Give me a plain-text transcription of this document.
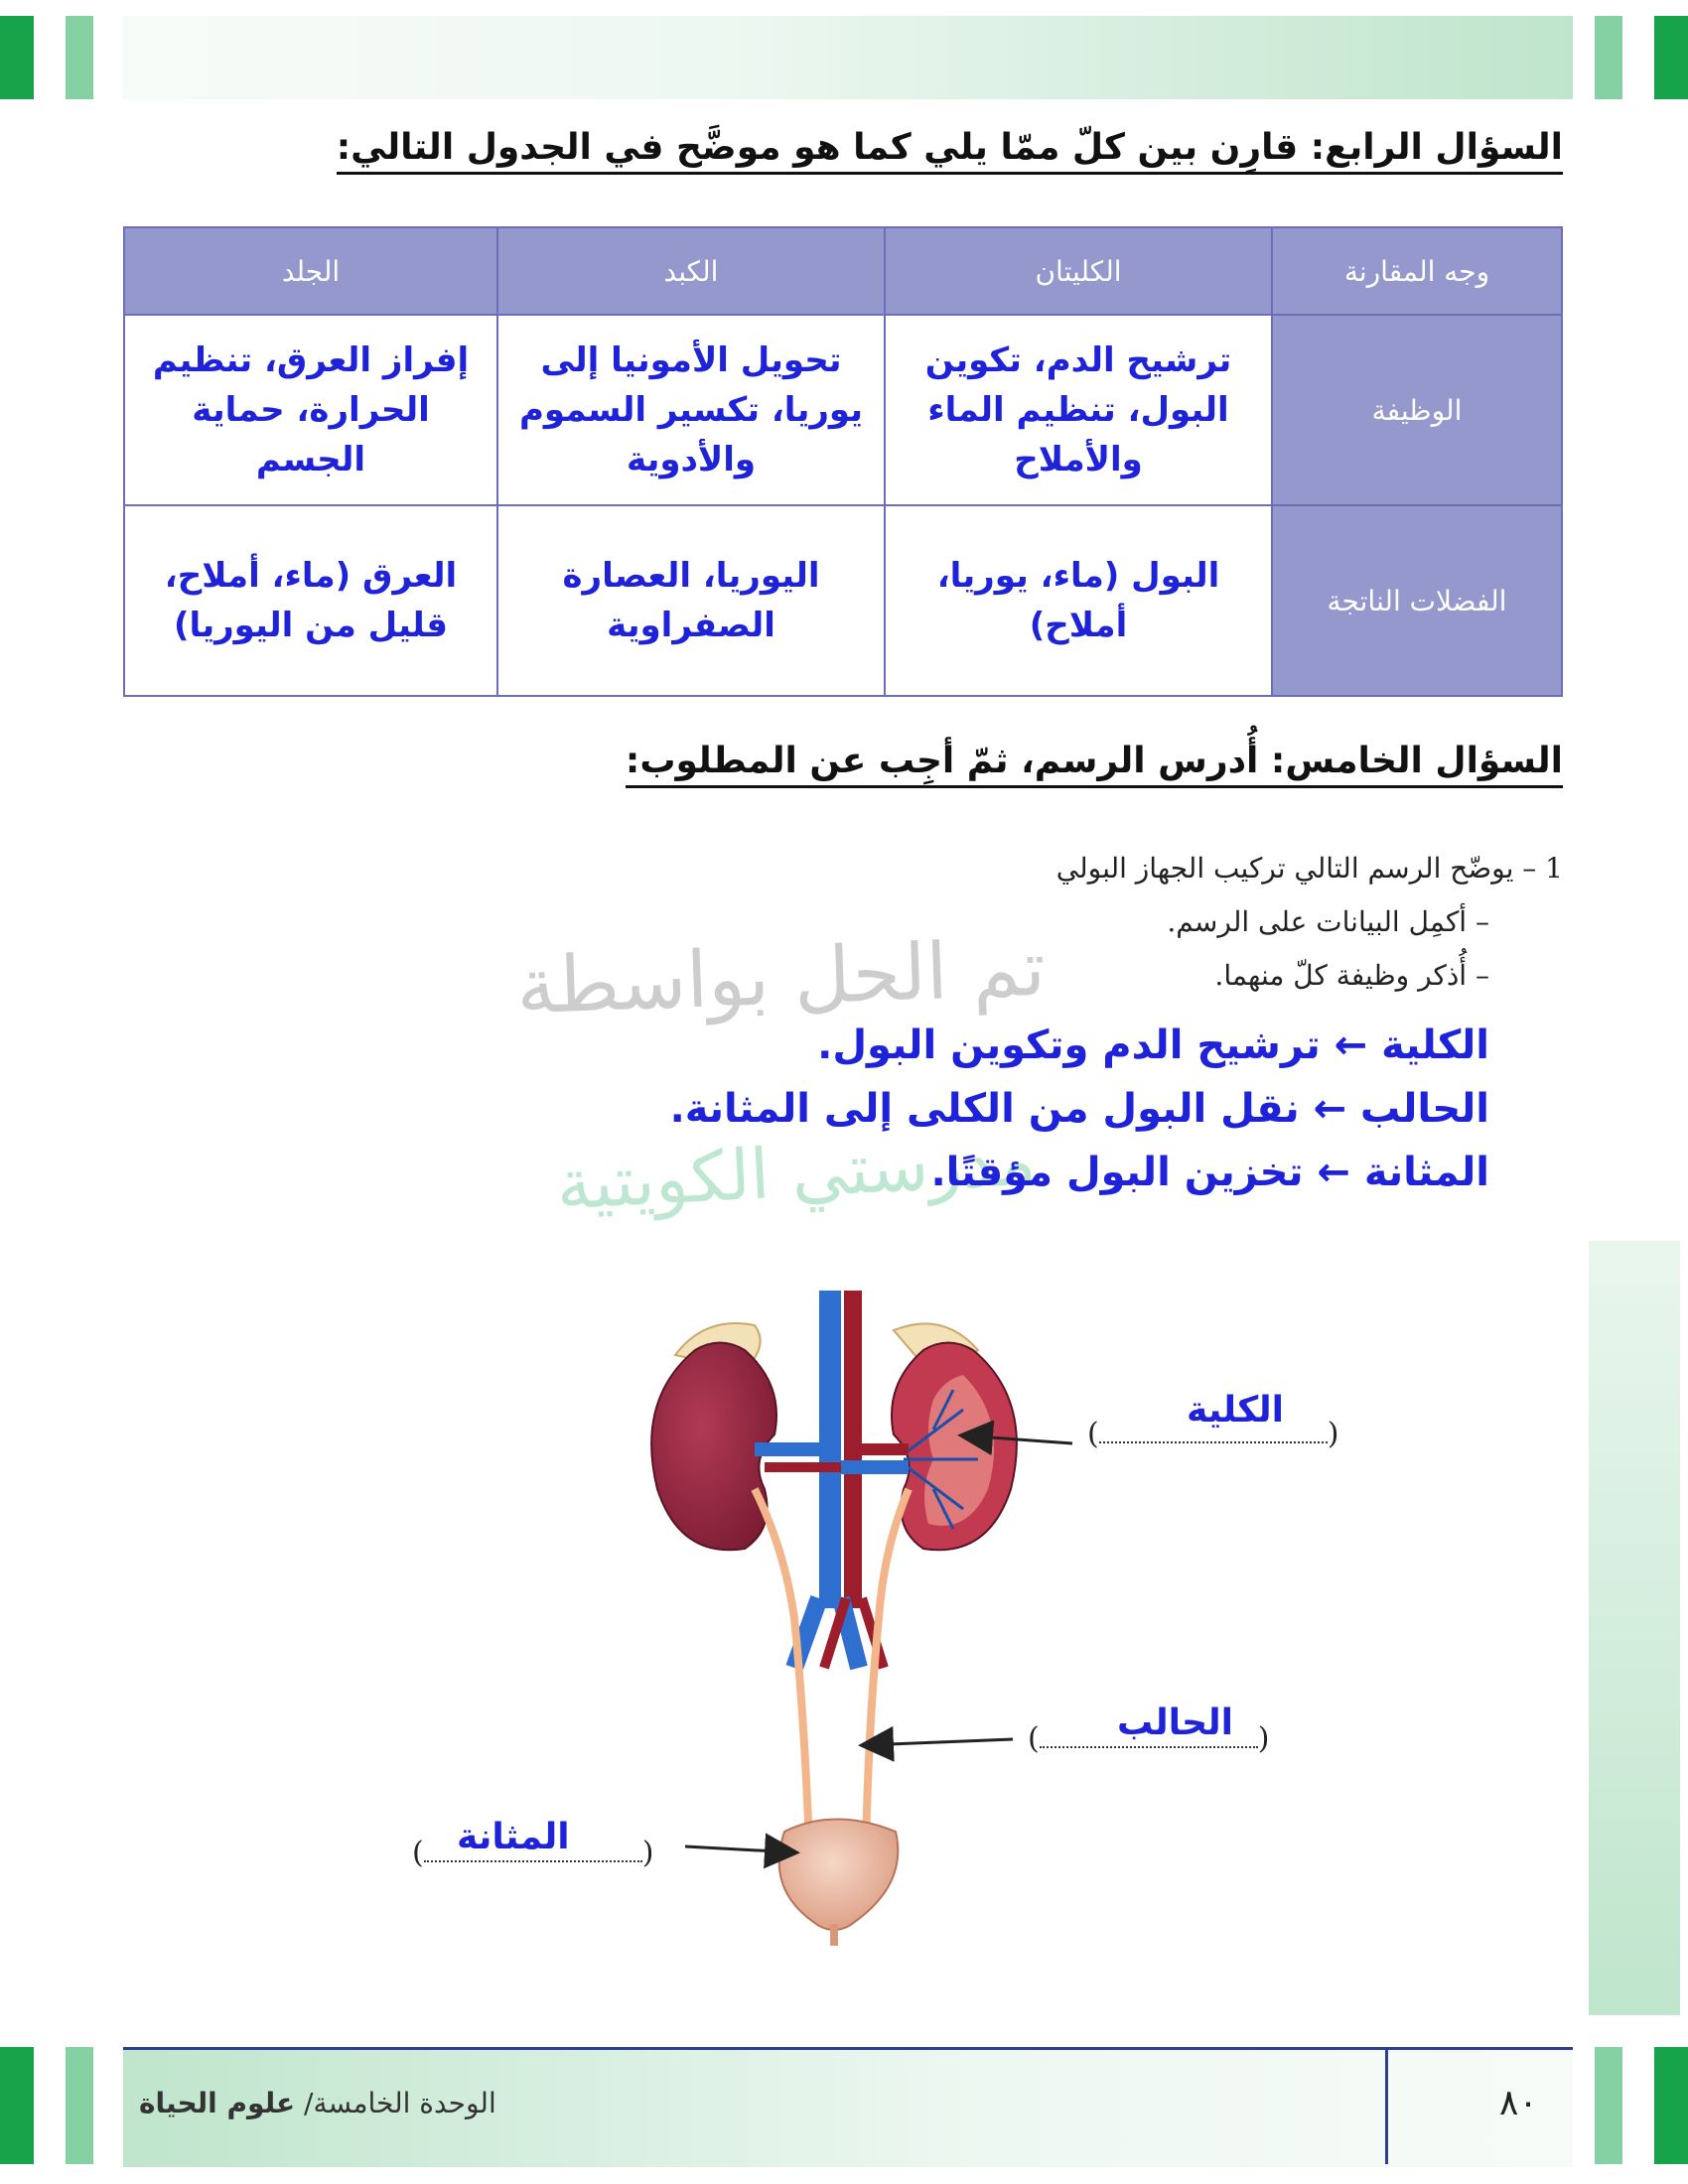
السؤال الرابع: قارِن بين كلّ ممّا يلي كما هو موضَّح في الجدول التالي:
وجه المقارنة	الكليتان	الكبد	الجلد
الوظيفة	ترشيح الدم، تكوين البول، تنظيم الماء والأملاح	تحويل الأمونيا إلى يوريا، تكسير السموم والأدوية	إفراز العرق، تنظيم الحرارة، حماية الجسم
الفضلات الناتجة	البول (ماء، يوريا، أملاح)	اليوريا، العصارة الصفراوية	العرق (ماء، أملاح، قليل من اليوريا)
السؤال الخامس: أُدرس الرسم، ثمّ أجِب عن المطلوب:
1 – يوضّح الرسم التالي تركيب الجهاز البولي
– أكمِل البيانات على الرسم.
– أُذكر وظيفة كلّ منهما.
تم الحل بواسطة
مدرستي الكويتية
الكلية ← ترشيح الدم وتكوين البول.
الحالب ← نقل البول من الكلى إلى المثانة.
المثانة ← تخزين البول مؤقتًا.
(	)
الكلية
(	)
الحالب
(	)
المثانة
الوحدة الخامسة/ علوم الحياة	٨٠
